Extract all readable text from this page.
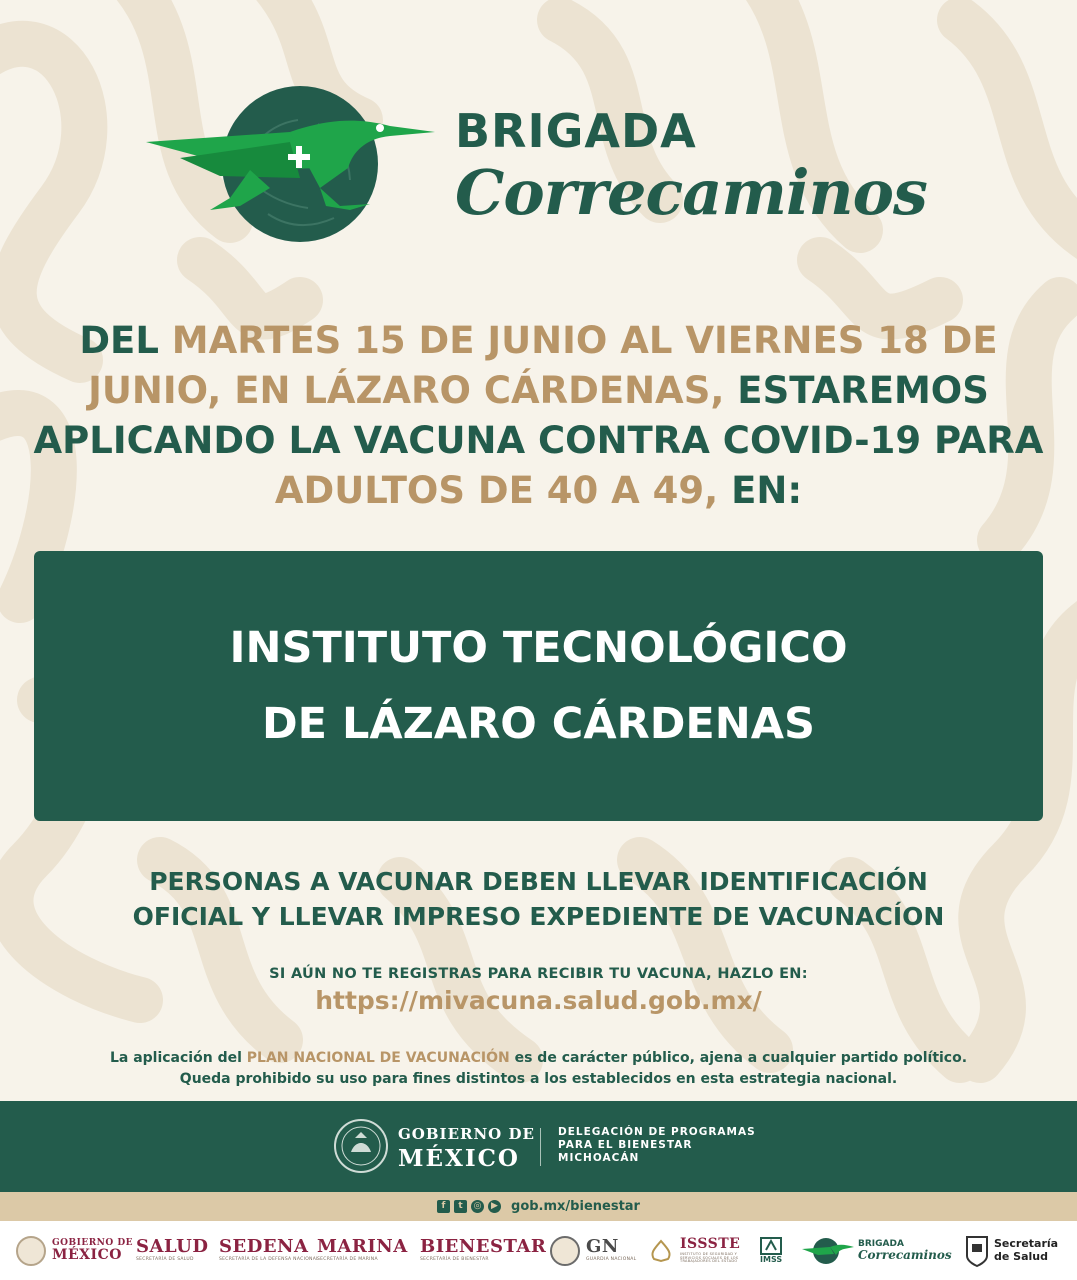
BRIGADA
Correcaminos
DEL MARTES 15 DE JUNIO AL VIERNES 18 DE JUNIO, EN LÁZARO CÁRDENAS, ESTAREMOS APLICANDO LA VACUNA CONTRA COVID-19 PARA ADULTOS DE 40 A 49, EN:
INSTITUTO TECNOLÓGICO
DE LÁZARO CÁRDENAS
PERSONAS A VACUNAR DEBEN LLEVAR IDENTIFICACIÓN
OFICIAL Y LLEVAR IMPRESO EXPEDIENTE DE VACUNACÍON
SI AÚN NO TE REGISTRAS PARA RECIBIR TU VACUNA, HAZLO EN:
https://mivacuna.salud.gob.mx/
La aplicación del PLAN NACIONAL DE VACUNACIÓN es de carácter público, ajena a cualquier partido político.
Queda prohibido su uso para fines distintos a los establecidos en esta estrategia nacional.
GOBIERNO DE
MÉXICO
DELEGACIÓN DE PROGRAMAS
PARA EL BIENESTAR
MICHOACÁN
f	t	◎	▶ gob.mx/bienestar
GOBIERNO DE
MÉXICO SALUD
SECRETARÍA DE SALUD
SEDENA
SECRETARÍA DE LA DEFENSA NACIONAL
MARINA
SECRETARÍA DE MARINA
BIENESTAR
SECRETARÍA DE BIENESTAR
GN
GUARDIA NACIONAL
ISSSTE
INSTITUTO DE SEGURIDAD Y SERVICIOS SOCIALES DE LOS TRABAJADORES DEL ESTADO	IMSS
BRIGADA
Correcaminos
Secretaría
de Salud
